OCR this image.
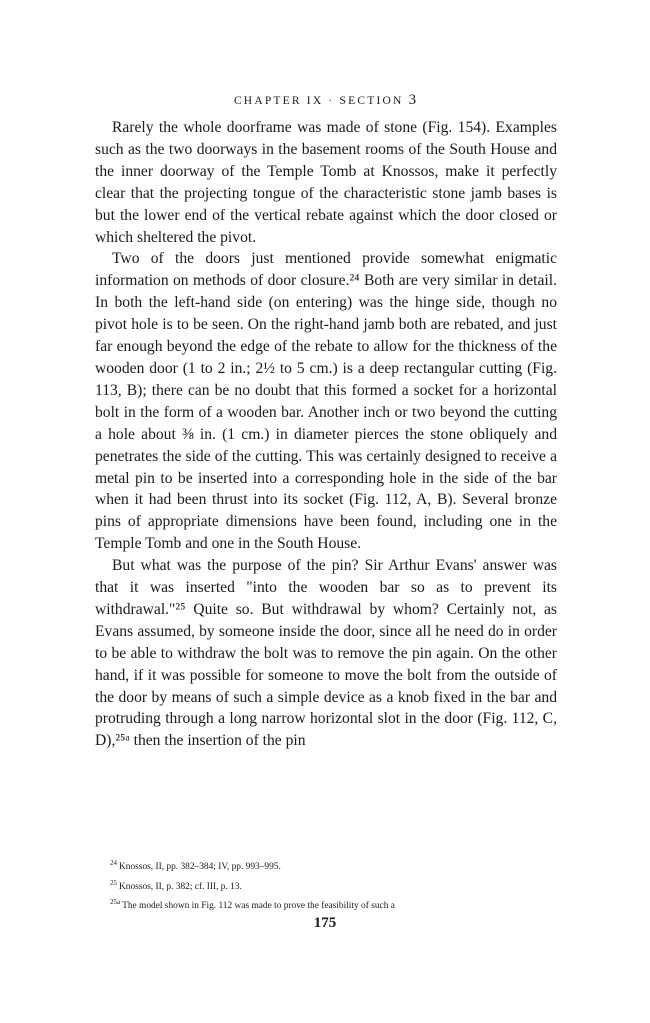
CHAPTER IX · SECTION 3

Rarely the whole doorframe was made of stone (Fig. 154). Examples such as the two doorways in the basement rooms of the South House and the inner doorway of the Temple Tomb at Knossos, make it perfectly clear that the projecting tongue of the characteristic stone jamb bases is but the lower end of the vertical rebate against which the door closed or which sheltered the pivot.

Two of the doors just mentioned provide somewhat enigmatic information on methods of door closure.²⁴ Both are very similar in detail. In both the left-hand side (on entering) was the hinge side, though no pivot hole is to be seen. On the right-hand jamb both are rebated, and just far enough beyond the edge of the rebate to allow for the thickness of the wooden door (1 to 2 in.; 2½ to 5 cm.) is a deep rectangular cutting (Fig. 113, B); there can be no doubt that this formed a socket for a horizontal bolt in the form of a wooden bar. Another inch or two beyond the cutting a hole about ⅜ in. (1 cm.) in diameter pierces the stone obliquely and penetrates the side of the cutting. This was certainly designed to receive a metal pin to be inserted into a corresponding hole in the side of the bar when it had been thrust into its socket (Fig. 112, A, B). Several bronze pins of appropriate dimensions have been found, including one in the Temple Tomb and one in the South House.

But what was the purpose of the pin? Sir Arthur Evans' answer was that it was inserted "into the wooden bar so as to prevent its withdrawal."²⁵ Quite so. But withdrawal by whom? Certainly not, as Evans assumed, by someone inside the door, since all he need do in order to be able to withdraw the bolt was to remove the pin again. On the other hand, if it was possible for someone to move the bolt from the outside of the door by means of such a simple device as a knob fixed in the bar and protruding through a long narrow horizontal slot in the door (Fig. 112, C, D),²⁵ᵃ then the insertion of the pin

$^{24}$ Knossos, II, pp. 382–384; IV, pp. 993–995.

$^{25}$ Knossos, II, p. 382; cf. III, p. 13.

$^{25a}$ The model shown in Fig. 112 was made to prove the feasibility of such a

175
